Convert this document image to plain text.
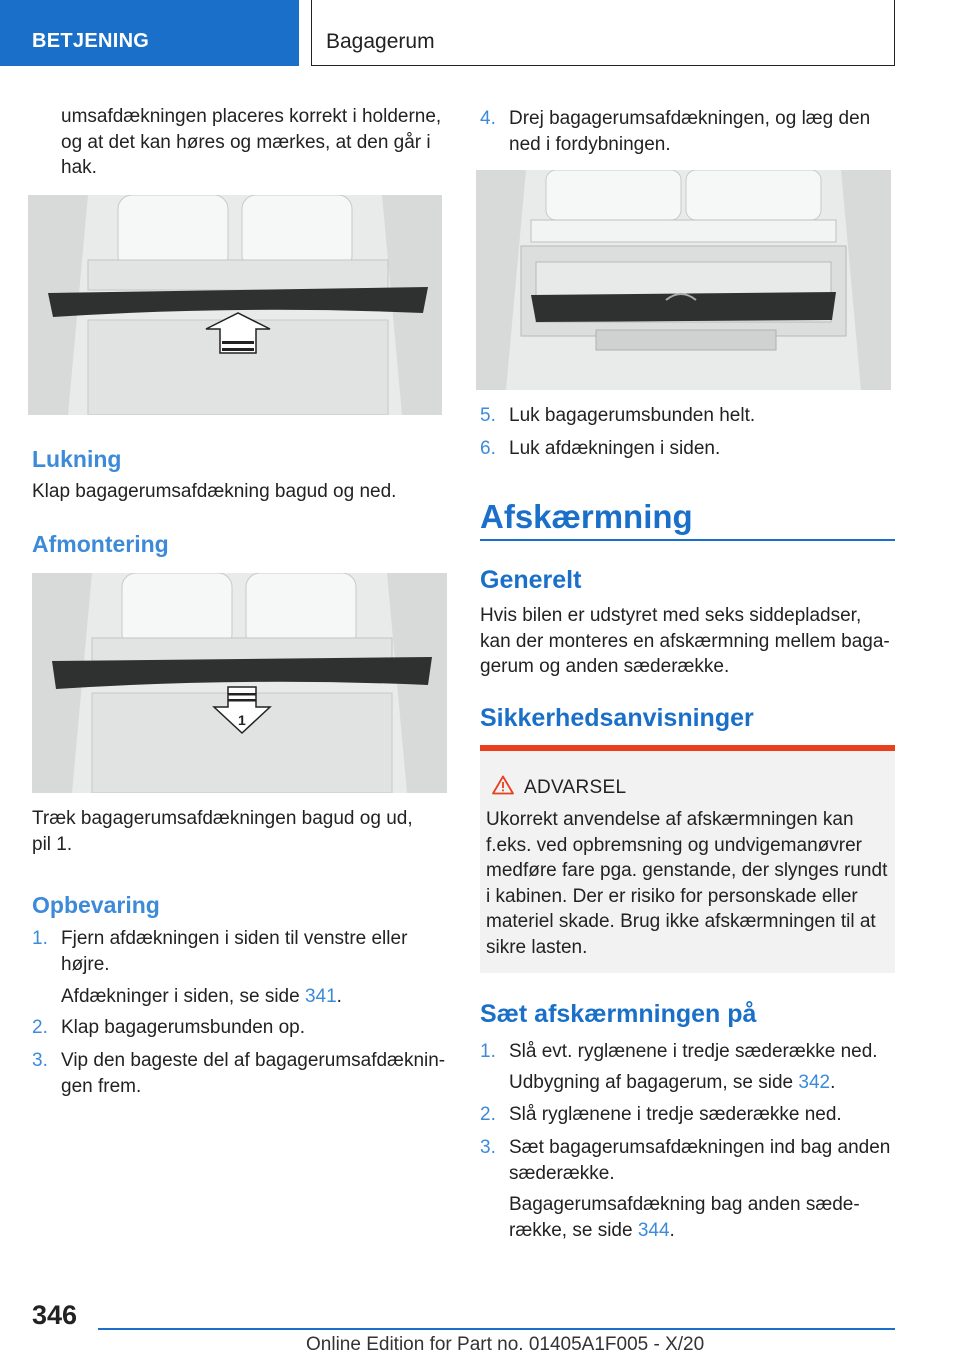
BETJENING	Bagagerum
umsafdækningen placeres korrekt i holderne,
og at det kan høres og mærkes, at den går i
hak.
Lukning
Klap bagagerumsafdækning bagud og ned.
Afmontering
1
Træk bagagerumsafdækningen bagud og ud,
pil 1.
Opbevaring
1. Fjern afdækningen i siden til venstre eller
højre.
Afdækninger i siden, se side 341.
2. Klap bagagerumsbunden op.
3. Vip den bageste del af bagagerumsafdæknin-
gen frem.
4. Drej bagagerumsafdækningen, og læg den
ned i fordybningen.
5. Luk bagagerumsbunden helt.
6. Luk afdækningen i siden.
Afskærmning
Generelt
Hvis bilen er udstyret med seks siddepladser,
kan der monteres en afskærmning mellem baga-
gerum og anden sæderække.
Sikkerhedsanvisninger
ADVARSEL
Ukorrekt anvendelse af afskærmningen kan
f.eks. ved opbremsning og undvigemanøvrer
medføre fare pga. genstande, der slynges rundt
i kabinen. Der er risiko for personskade eller
materiel skade. Brug ikke afskærmningen til at
sikre lasten.
Sæt afskærmningen på
1. Slå evt. ryglænene i tredje sæderække ned.
Udbygning af bagagerum, se side 342.
2. Slå ryglænene i tredje sæderække ned.
3. Sæt bagagerumsafdækningen ind bag anden
sæderække.
Bagagerumsafdækning bag anden sæde-
række, se side 344.
346
Online Edition for Part no. 01405A1F005 - X/20
